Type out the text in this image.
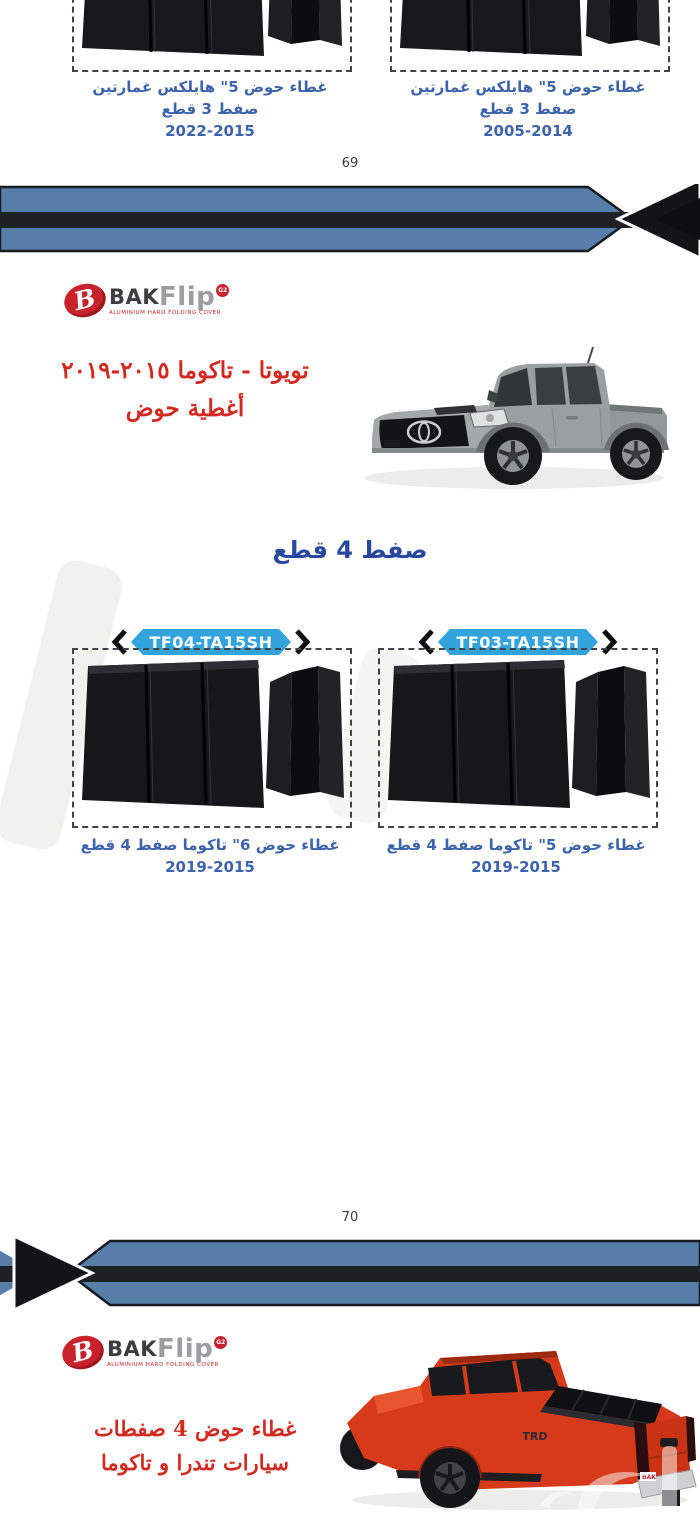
غطاء حوض 5" هايلكس غمارتين صفط 3 قطع
2022-2015
غطاء حوض 5" هايلكس غمارتين صفط 3 قطع
2005-2014
69
B BAKFlip G2
ALUMINIUM HARD FOLDING COVER
تويوتا - تاكوما ٢٠١٥-٢٠١٩
أغطية حوض
صفط 4 قطع
TF04-TA15SH	TF03-TA15SH
غطاء حوض 6" تاكوما صفط 4 قطع 2015-2019
غطاء حوض 5" تاكوما صفط 4 قطع 2015-2019
70
B BAKFlip G2
ALUMINIUM HARD FOLDING COVER
غطاء حوض 4 صفطات
سيارات تندرا و تاكوما
TRD
BAK
